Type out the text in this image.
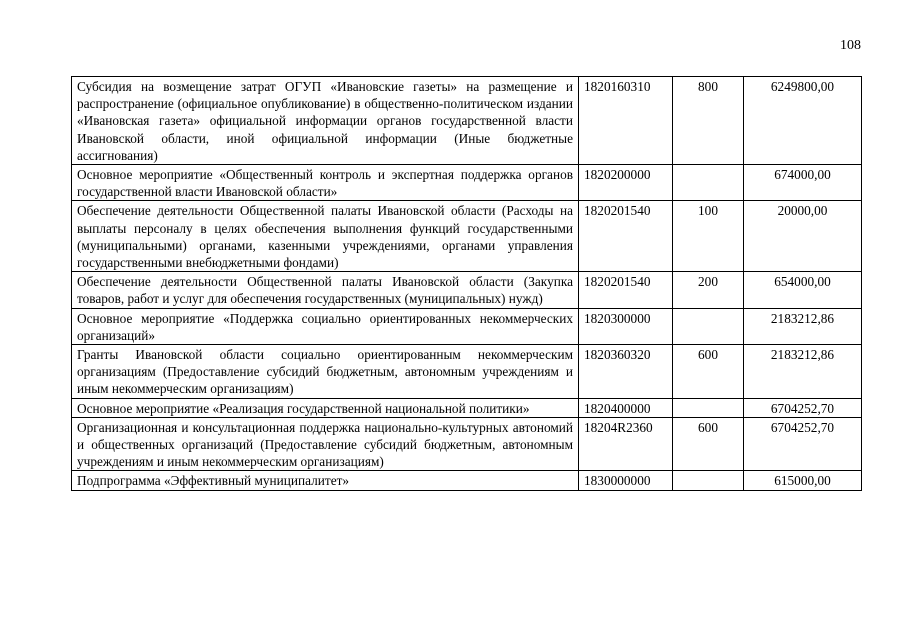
108
Субсидия на возмещение затрат ОГУП «Ивановские газеты» на размещение и распространение (официальное опубликование) в общественно-политическом издании «Ивановская газета» официальной информации органов государственной власти Ивановской области, иной официальной информации (Иные бюджетные ассигнования)	1820160310	800	6249800,00
Основное мероприятие «Общественный контроль и экспертная поддержка органов государственной власти Ивановской области»	1820200000		674000,00
Обеспечение деятельности Общественной палаты Ивановской области (Расходы на выплаты персоналу в целях обеспечения выполнения функций государственными (муниципальными) органами, казенными учреждениями, органами управления государственными внебюджетными фондами)	1820201540	100	20000,00
Обеспечение деятельности Общественной палаты Ивановской области (Закупка товаров, работ и услуг для обеспечения государственных (муниципальных) нужд)	1820201540	200	654000,00
Основное мероприятие «Поддержка социально ориентированных некоммерческих организаций»	1820300000		2183212,86
Гранты Ивановской области социально ориентированным некоммерческим организациям (Предоставление субсидий бюджетным, автономным учреждениям и иным некоммерческим организациям)	1820360320	600	2183212,86
Основное мероприятие «Реализация государственной национальной политики»	1820400000		6704252,70
Организационная и консультационная поддержка национально-культурных автономий и общественных организаций (Предоставление субсидий бюджетным, автономным учреждениям и иным некоммерческим организациям)	18204R2360	600	6704252,70
Подпрограмма «Эффективный муниципалитет»	1830000000		615000,00
